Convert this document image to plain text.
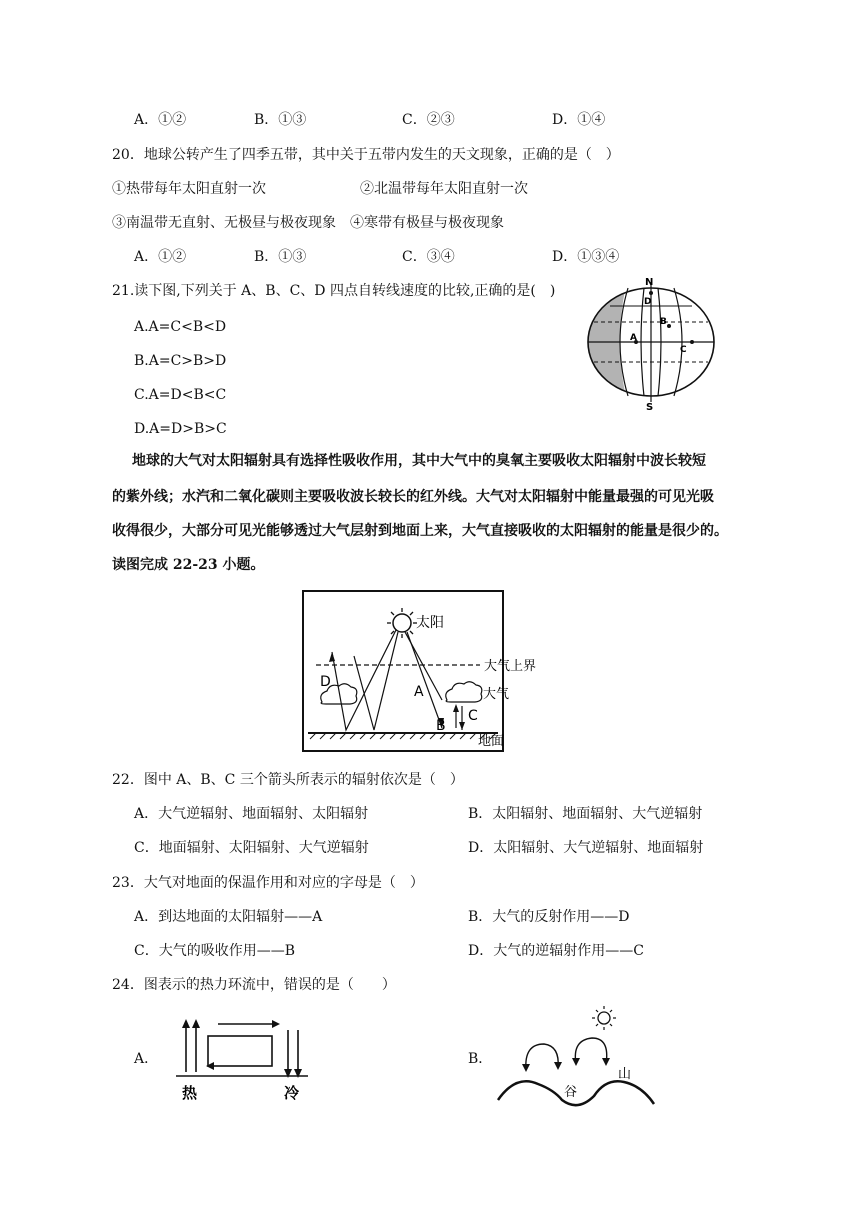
A．①②	B．①③	C．②③	D．①④
20．地球公转产生了四季五带，其中关于五带内发生的天文现象，正确的是（　）
①热带每年太阳直射一次	②北温带每年太阳直射一次
③南温带无直射、无极昼与极夜现象 ④寒带有极昼与极夜现象
A．①②	B．①③	C．③④	D．①③④
21.读下图,下列关于 A、B、C、D 四点自转线速度的比较,正确的是(　)
A.A=C<B<D
B.A=C>B>D
C.A=D<B<C
D.A=D>B>C
N
D
B
A
C
S
地球的大气对太阳辐射具有选择性吸收作用，其中大气中的臭氧主要吸收太阳辐射中波长较短
的紫外线；水汽和二氧化碳则主要吸收波长较长的红外线。大气对太阳辐射中能量最强的可见光吸
收得很少，大部分可见光能够透过大气层射到地面上来，大气直接吸收的太阳辐射的能量是很少的。
读图完成 22-23 小题。
太阳
大气上界
地面
大气
D
A
B
C
22．图中 A、B、C 三个箭头所表示的辐射依次是（　）
A．大气逆辐射、地面辐射、太阳辐射	B．太阳辐射、地面辐射、大气逆辐射
C．地面辐射、太阳辐射、大气逆辐射	D．太阳辐射、大气逆辐射、地面辐射
23．大气对地面的保温作用和对应的字母是（　）
A．到达地面的太阳辐射——A	B．大气的反射作用——D
C．大气的吸收作用——B	D．大气的逆辐射作用——C
24．图表示的热力环流中，错误的是（　　）
A．	B．
热	冷	谷
山
